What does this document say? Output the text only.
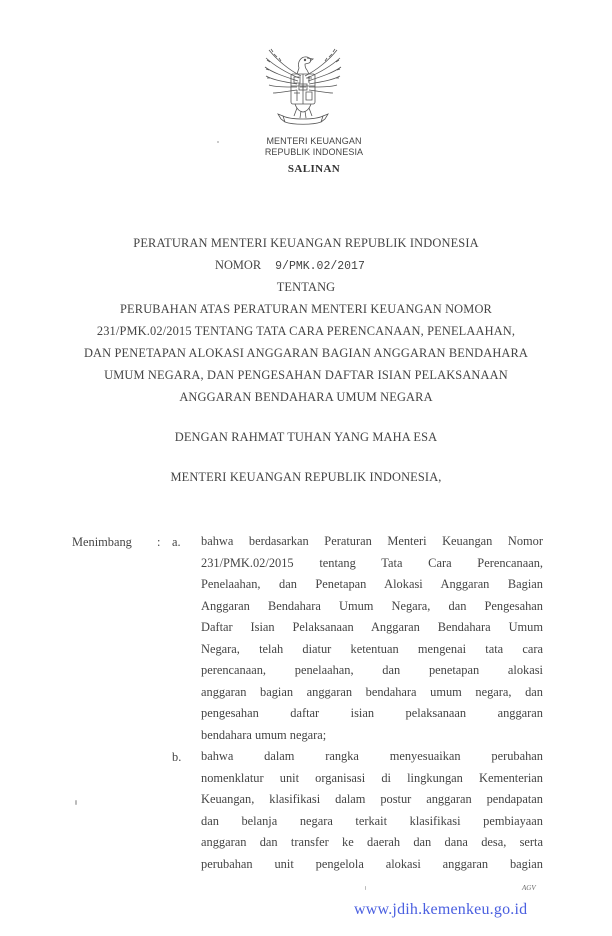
MENTERI KEUANGAN
REPUBLIK INDONESIA
SALINAN
PERATURAN MENTERI KEUANGAN REPUBLIK INDONESIA
NOMOR 9/PMK.02/2017
TENTANG
PERUBAHAN ATAS PERATURAN MENTERI KEUANGAN NOMOR
231/PMK.02/2015 TENTANG TATA CARA PERENCANAAN, PENELAAHAN,
DAN PENETAPAN ALOKASI ANGGARAN BAGIAN ANGGARAN BENDAHARA
UMUM NEGARA, DAN PENGESAHAN DAFTAR ISIAN PELAKSANAAN
ANGGARAN BENDAHARA UMUM NEGARA
DENGAN RAHMAT TUHAN YANG MAHA ESA
MENTERI KEUANGAN REPUBLIK INDONESIA,
Menimbang : a. bahwa berdasarkan Peraturan Menteri Keuangan Nomor
231/PMK.02/2015 tentang Tata Cara Perencanaan,
Penelaahan, dan Penetapan Alokasi Anggaran Bagian
Anggaran Bendahara Umum Negara, dan Pengesahan
Daftar Isian Pelaksanaan Anggaran Bendahara Umum
Negara, telah diatur ketentuan mengenai tata cara
perencanaan, penelaahan, dan penetapan alokasi
anggaran bagian anggaran bendahara umum negara, dan
pengesahan daftar isian pelaksanaan anggaran
bendahara umum negara;
b. bahwa dalam rangka menyesuaikan perubahan
nomenklatur unit organisasi di lingkungan Kementerian
Keuangan, klasifikasi dalam postur anggaran pendapatan
dan belanja negara terkait klasifikasi pembiayaan
anggaran dan transfer ke daerah dan dana desa, serta
perubahan unit pengelola alokasi anggaran bagian
AGV
www.jdih.kemenkeu.go.id
